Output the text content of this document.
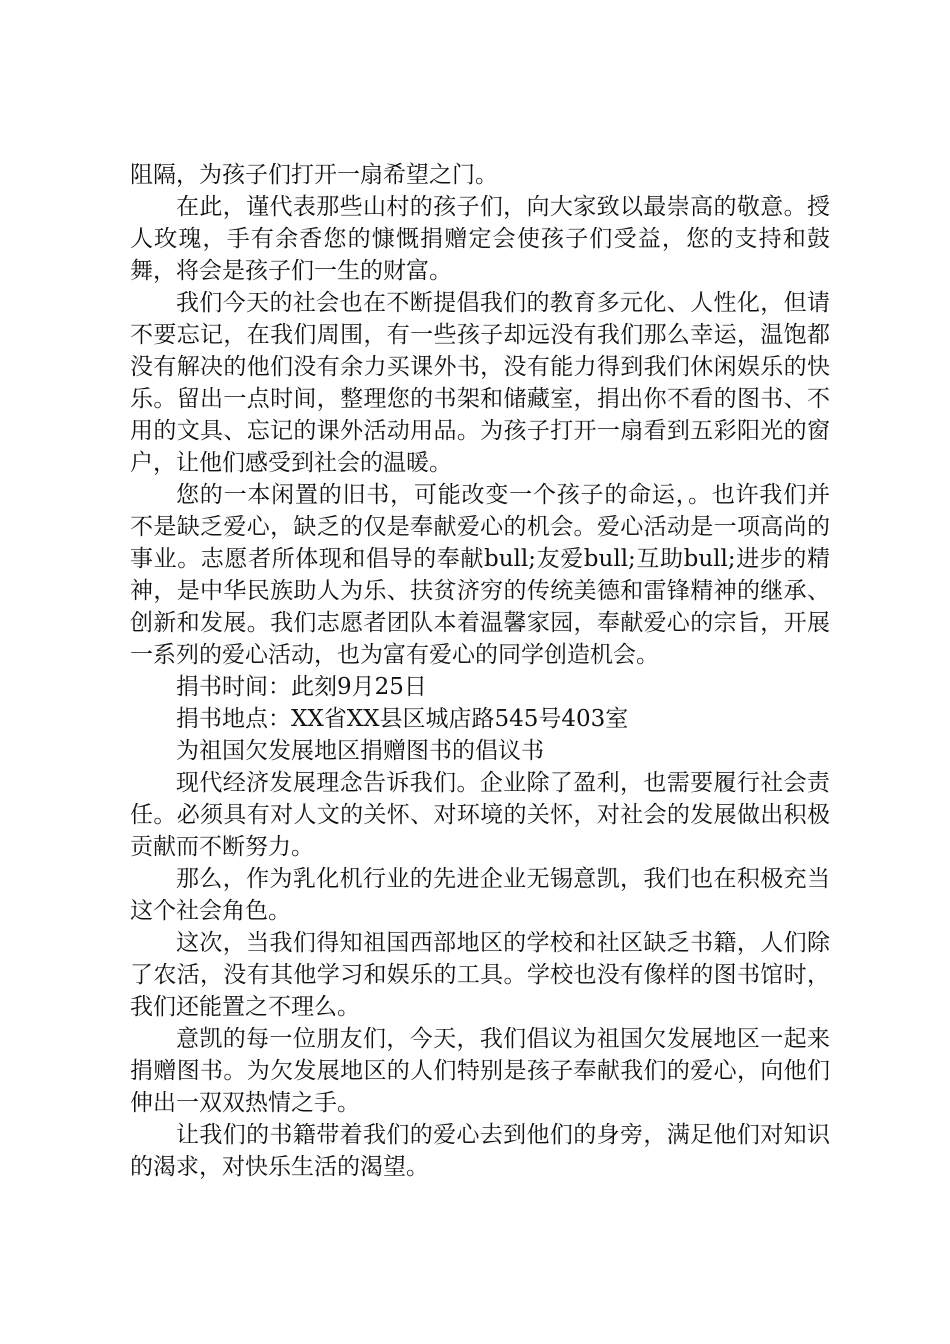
阻隔，为孩子们打开一扇希望之门。

在此，谨代表那些山村的孩子们，向大家致以最崇高的敬意。授人玫瑰，手有余香您的慷慨捐赠定会使孩子们受益，您的支持和鼓舞，将会是孩子们一生的财富。

我们今天的社会也在不断提倡我们的教育多元化、人性化，但请不要忘记，在我们周围，有一些孩子却远没有我们那么幸运，温饱都没有解决的他们没有余力买课外书，没有能力得到我们休闲娱乐的快乐。留出一点时间，整理您的书架和储藏室，捐出你不看的图书、不用的文具、忘记的课外活动用品。为孩子打开一扇看到五彩阳光的窗户，让他们感受到社会的温暖。

您的一本闲置的旧书，可能改变一个孩子的命运，。也许我们并不是缺乏爱心，缺乏的仅是奉献爱心的机会。爱心活动是一项高尚的事业。志愿者所体现和倡导的奉献bull;友爱bull;互助bull;进步的精神，是中华民族助人为乐、扶贫济穷的传统美德和雷锋精神的继承、创新和发展。我们志愿者团队本着温馨家园，奉献爱心的宗旨，开展一系列的爱心活动，也为富有爱心的同学创造机会。

捐书时间：此刻9月25日

捐书地点：XX省XX县区城店路545号403室

为祖国欠发展地区捐赠图书的倡议书

现代经济发展理念告诉我们。企业除了盈利，也需要履行社会责任。必须具有对人文的关怀、对环境的关怀，对社会的发展做出积极贡献而不断努力。

那么，作为乳化机行业的先进企业无锡意凯，我们也在积极充当这个社会角色。

这次，当我们得知祖国西部地区的学校和社区缺乏书籍，人们除了农活，没有其他学习和娱乐的工具。学校也没有像样的图书馆时，我们还能置之不理么。

意凯的每一位朋友们，今天，我们倡议为祖国欠发展地区一起来捐赠图书。为欠发展地区的人们特别是孩子奉献我们的爱心，向他们伸出一双双热情之手。

让我们的书籍带着我们的爱心去到他们的身旁，满足他们对知识的渴求，对快乐生活的渴望。
